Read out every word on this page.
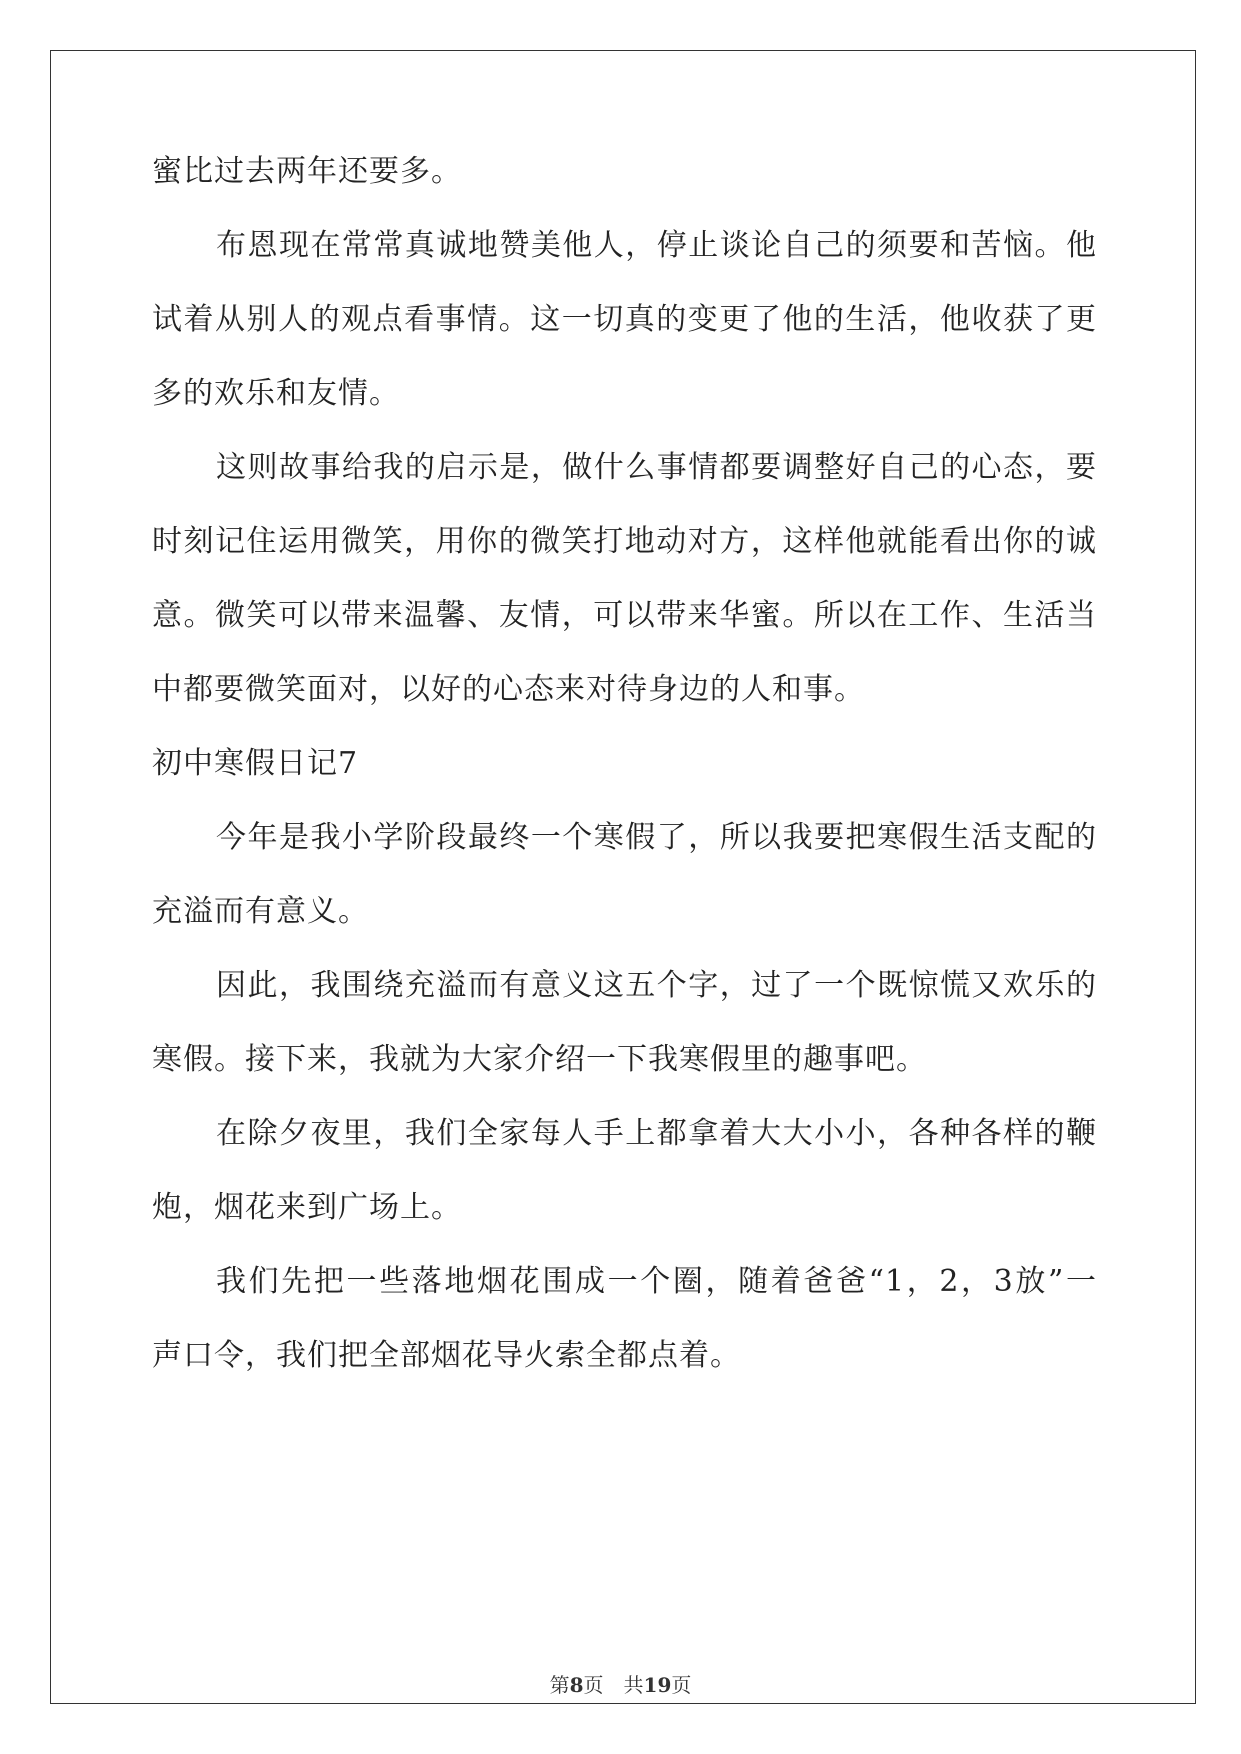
蜜比过去两年还要多。
布恩现在常常真诚地赞美他人，停止谈论自己的须要和苦恼。他
试着从别人的观点看事情。这一切真的变更了他的生活，他收获了更
多的欢乐和友情。
这则故事给我的启示是，做什么事情都要调整好自己的心态，要
时刻记住运用微笑，用你的微笑打地动对方，这样他就能看出你的诚
意。微笑可以带来温馨、友情，可以带来华蜜。所以在工作、生活当
中都要微笑面对，以好的心态来对待身边的人和事。
初中寒假日记7
今年是我小学阶段最终一个寒假了，所以我要把寒假生活支配的
充溢而有意义。
因此，我围绕充溢而有意义这五个字，过了一个既惊慌又欢乐的
寒假。接下来，我就为大家介绍一下我寒假里的趣事吧。
在除夕夜里，我们全家每人手上都拿着大大小小，各种各样的鞭
炮，烟花来到广场上。
我们先把一些落地烟花围成一个圈，随着爸爸“1，2，3放”一
声口令，我们把全部烟花导火索全都点着。
第8页　共19页
